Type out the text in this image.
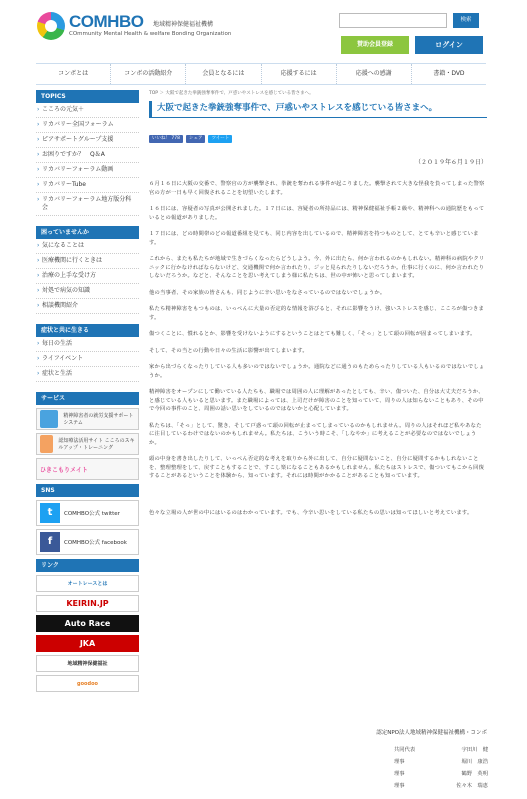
COMHBO 地域精神保健福祉機構
COmmunity Mental Health & welfare Bonding Organization
検索
賛助会員登録	ログイン
コンボとは	コンボの活動紹介	会員となるには	応援するには	応援への感謝	書籍・DVD
TOPICS
› こころの元気＋
› リカバリー全国フォーラム
› ピアサポートグループ支援
› お困りですか？　Q＆A
› リカバリーフォーラム動画
› リカバリーTube
› リカバリーフォーラム地方版分科会
困っていませんか
› 気になることは
› 医療機関に行くときは
› 治療の上手な受け方
› 対処で病気の知識
› 相談機関紹介
症状と共に生きる
› 毎日の生活
› ライフイベント
› 症状と生活
サービス
精神障害者の就労支援サポートシステム
認知療法活用サイト こころのスキルアップ・トレーニング
ひきこもりメイト
SNS
t	COMHBO公式 twitter
f	COMHBO公式 facebook
リンク
オートレースとは
KEIRIN.JP
Auto Race
JKA
地域精神保健福祉
goodoo
TOP ＞ 大阪で起きた拳銃強奪事件で、戸惑いやストレスを感じている皆さまへ。
大阪で起きた拳銃強奪事件で、戸惑いやストレスを感じている皆さまへ。
いいね！ 778	シェア	ツイート
（２０１９年６月１９日）

６月１６日に大阪の交番で、警察官の方が襲撃され、拳銃を奪われる事件が起こりました。襲撃されて大きな怪我を負ってしまった警察官の方が一日も早く回復されることを切望いたします。

１６日には、容疑者の写真が公開されました。１７日には、容疑者の所持品には、精神保健福祉手帳２級や、精神科への通院歴をもっているとの報道がありました。

１７日には、どの時間帯のどの報道番組を見ても、同じ内容を出しているので、精神障害を持つものとして、とても辛いと感じています。

これから、またも私たちが地域で生きづらくなったらどうしよう。今、外に出たら、何か言われるのかもしれない。精神科の病院やクリニックに行かなければならないけど、交通機関で何か言われたり、ジッと見られたりしないだろうか。仕事に行くのに、何か言われたりしないだろうか。などと、そんなことを思い考えてしまう様に私たちは、世の中が怖いと思ってしまいます。

他の当事者、その家族の皆さんも、同じように辛い思いをなさっているのではないでしょうか。

私たち精神障害をもつものは、いっぺんに大量の否定的な情報を浴びると、それに影響をうけ、強いストレスを感じ、こころが傷つきます。

傷つくことに、慣れるとか、影響を受けないようにするということはとても難しく、「そっ」として頭の回転が固まってしまいます。

そして、その当との行動や日々の生活に影響が出てしまいます。

家から出づらくなったりしている人も多いのではないでしょうか。通院などに通うのもためらったりしている人もいるのではないでしょうか。

精神障害をオープンにして働いている人たちも、職場では周囲の人に理解があったとしても、辛い、傷ついた、自分は大丈夫だろうか、と感じている人もいると思います。また職場によっては、上司だけが障害のことを知っていて、周りの人は知らないこともあり、その中で今回の事件のこと、周囲の話い思いをしているのではないかと心配しています。

私たちは、「そっ」として、驚き、そして戸惑って頭の回転が止まってしまっているのかもしれません。周りの人はそれほど私やあなたに注目しているわけではないのかもしれません。私たちは、こういう時こそ、「しなやか」に考えることが必要なのではないでしょうか。

頭の中身を書き出したりして、いっぺん否定的な考えを取りから外に出して、自分に疑問ないこと、自分に疑問するかもしれないことを、整理整理をして、戻すこともすることで、すこし楽になることもあるかもしれません。私たちはストレスで、傷ついてもこから回復することがあるということを体験から、知っています。それには時間がかかることがあることも知っています。

色々な立場の人が世の中にはいるのはわかっています。でも、今辛い思いをしている私たちの思いは知ってほしいと考えています。

認定NPO法人地域精神保健福祉機構・コンボ
共同代表	宇田川　健
理事	堀川　康浩
理事	鶴野　英明
理事	佐々木　瑞恵
